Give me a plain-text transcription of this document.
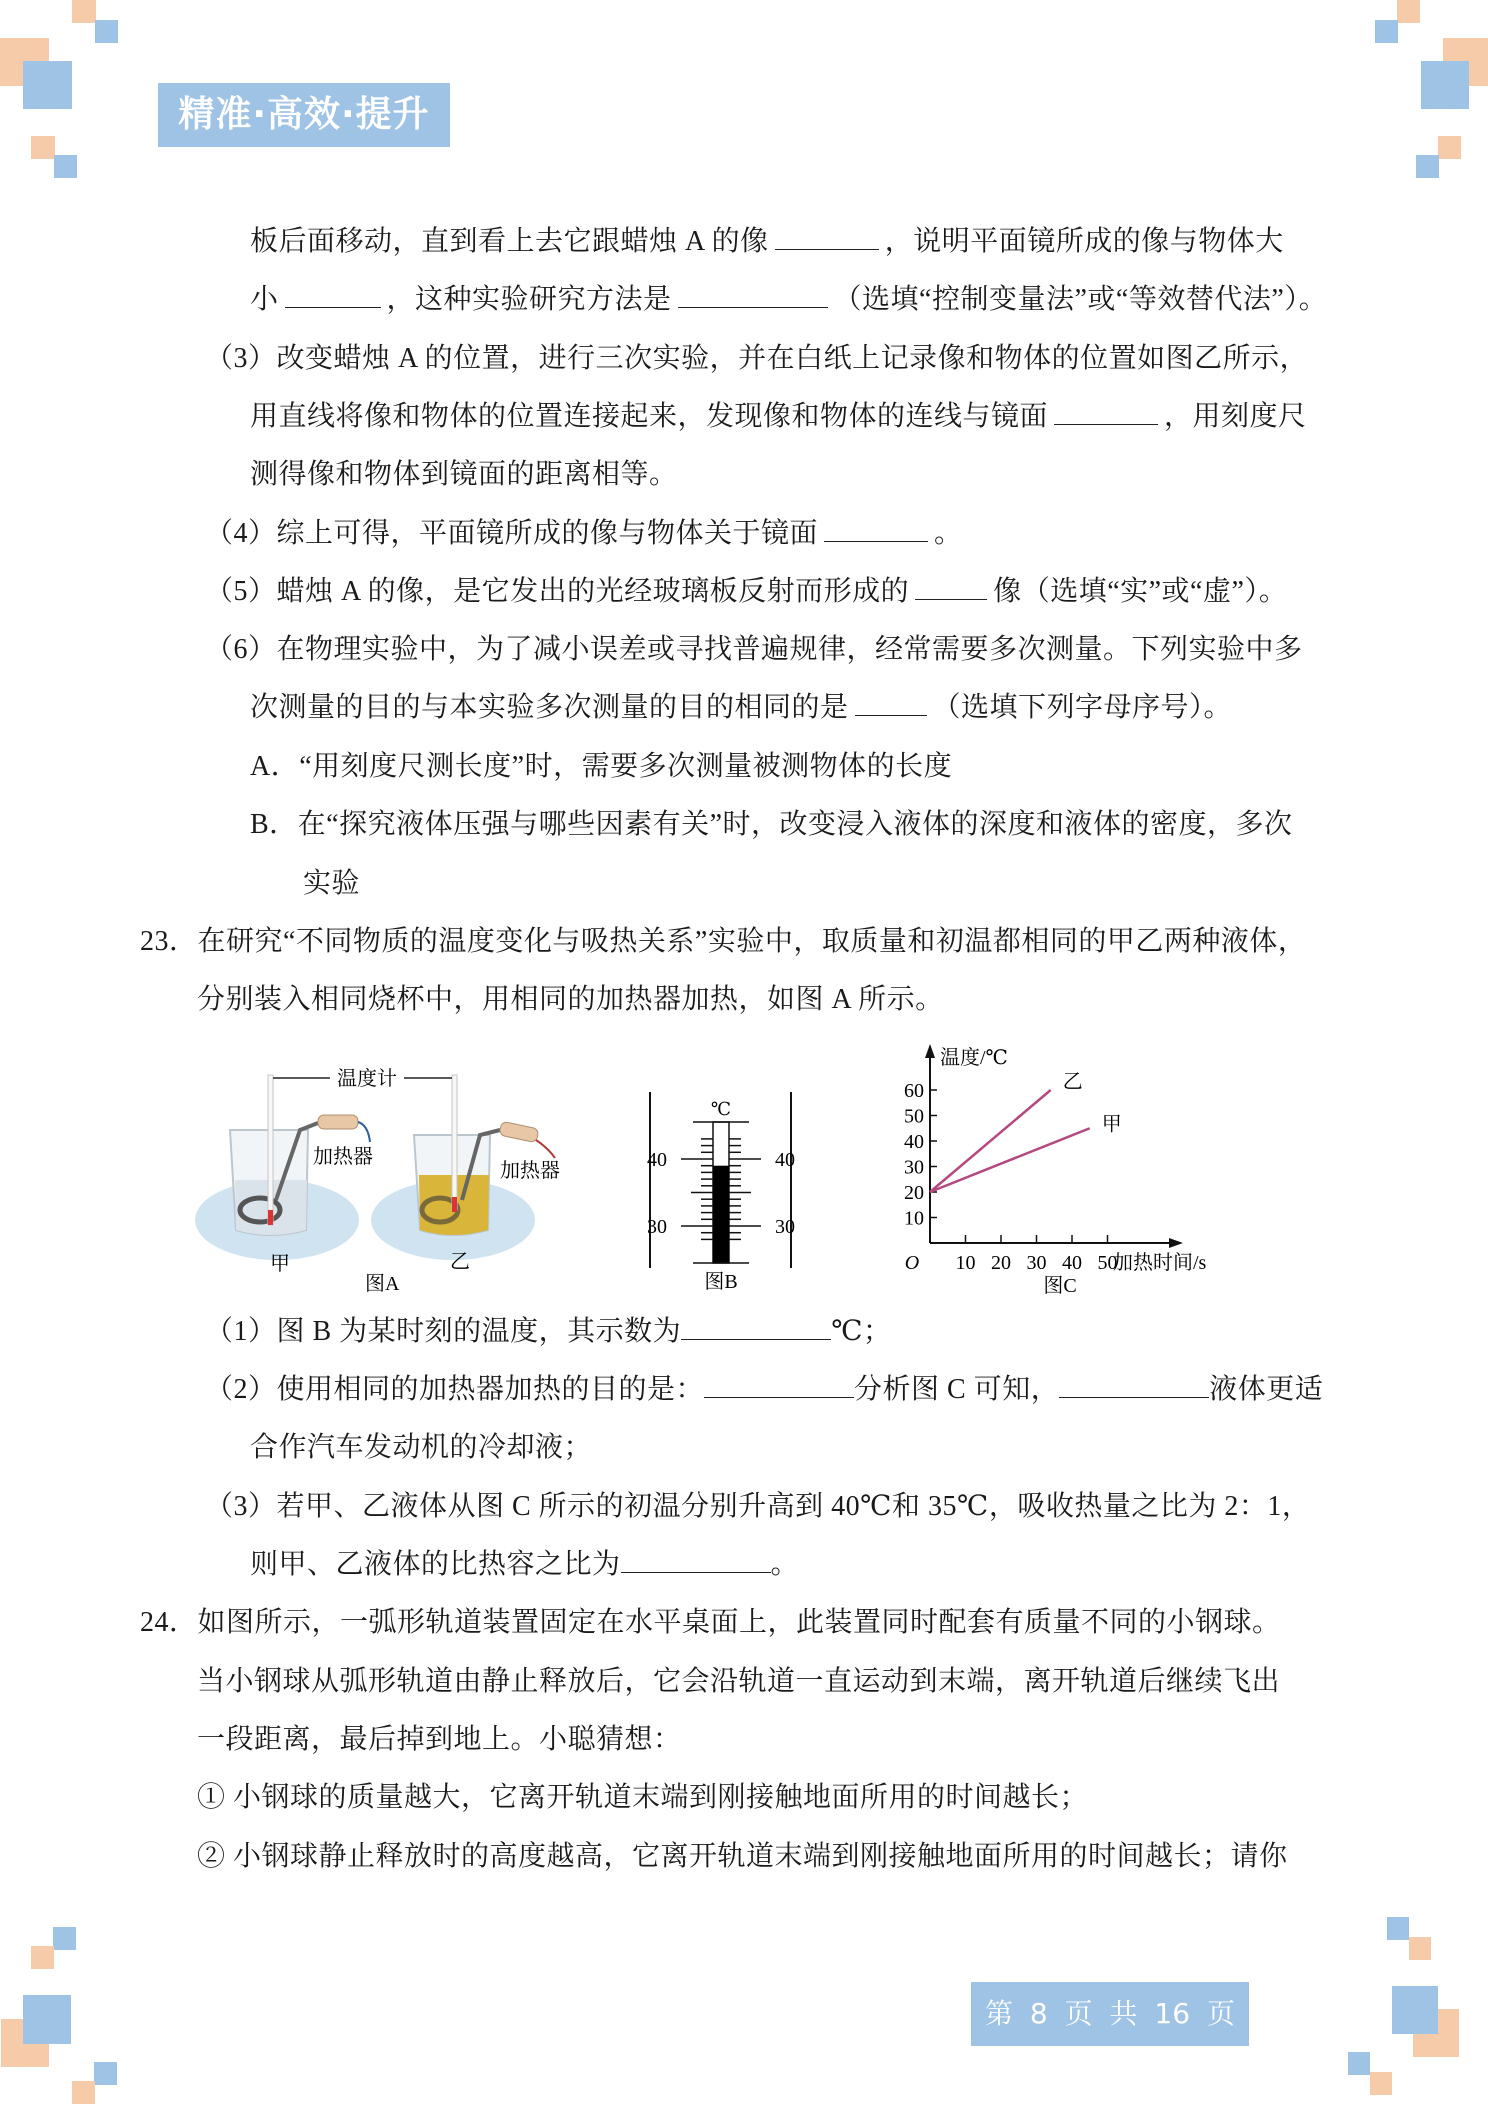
精准·高效·提升
板后面移动，直到看上去它跟蜡烛 A 的像	，说明平面镜所成的像与物体大
小	，这种实验研究方法是	（选填“控制变量法”或“等效替代法”）。
（3）改变蜡烛 A 的位置，进行三次实验，并在白纸上记录像和物体的位置如图乙所示，
用直线将像和物体的位置连接起来，发现像和物体的连线与镜面	，用刻度尺
测得像和物体到镜面的距离相等。
（4）综上可得，平面镜所成的像与物体关于镜面	。
（5）蜡烛 A 的像，是它发出的光经玻璃板反射而形成的	像（选填“实”或“虚”）。
（6）在物理实验中，为了减小误差或寻找普遍规律，经常需要多次测量。下列实验中多
次测量的目的与本实验多次测量的目的相同的是	（选填下列字母序号）。
A．“用刻度尺测长度”时，需要多次测量被测物体的长度
B．在“探究液体压强与哪些因素有关”时，改变浸入液体的深度和液体的密度，多次
实验
23．在研究“不同物质的温度变化与吸热关系”实验中，取质量和初温都相同的甲乙两种液体，
分别装入相同烧杯中，用相同的加热器加热，如图 A 所示。
温度计
加热器
加热器
甲	乙
图A
40	40
30	30
℃
图B
10
20
30
40
50
60
10 20 30 40 50
O
温度/℃
加热时间/s
乙
甲
图C
（1）图 B 为某时刻的温度，其示数为	℃；
（2）使用相同的加热器加热的目的是：	分析图 C 可知，	液体更适
合作汽车发动机的冷却液；
（3）若甲、乙液体从图 C 所示的初温分别升高到 40℃和 35℃，吸收热量之比为 2：1，
则甲、乙液体的比热容之比为	。
24．如图所示，一弧形轨道装置固定在水平桌面上，此装置同时配套有质量不同的小钢球。
当小钢球从弧形轨道由静止释放后，它会沿轨道一直运动到末端，离开轨道后继续飞出
一段距离，最后掉到地上。小聪猜想：
① 小钢球的质量越大，它离开轨道末端到刚接触地面所用的时间越长；
② 小钢球静止释放时的高度越高，它离开轨道末端到刚接触地面所用的时间越长；请你
第 8 页 共 16 页
